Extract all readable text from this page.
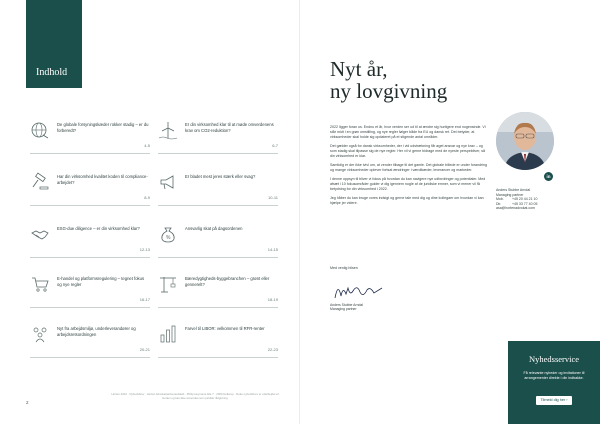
Indhold
De globale forsyningskæder rokker stadig – er du forberedt?
4-5
Har din virksomhed kvalitet koden til compliance-arbejdet?
8-9
ESG-due diligence – er din virksomhed klar?
12-13
E-handel og platformsregulering – tegnet fokus og nye regler
16-17
Nyt fra arbejdsmiljø, underleverandører og arbejdsretsordningen
20-21
Er din virksomhed klar til at møde omverdenens krav om CO2-reduktion?
6-7
Er bladet mest jeres stærk eller svag?
10-11
%
Ansvarlig skat på dagsordenen
14-15
Bæredygtigheds-byggebranchen – grønt eller gennerelt?
18-19
Farvel til LIBOR: velkommen til RFR-renter
22-23
2
Horten 2022 · Nyhedsbrev · Horten Advokatpartnerselskab · Philip Heymans Allé 7 · 2900 Hellerup · Dette nyhedsbrev er udarbejdet af Horten og kan ikke anvendes som juridisk rådgivning
Nyt år,
ny lovgivning

2022 ligger foran os. Endnu et år, hvor verden ser ud til at ændre sig hurtigere end nogensinde. Vi står midt i en grøn omstilling, og nye regler følger både fra EU og dansk ret. Det betyder, at virksomheder skal holde sig opdateret på et stigende antal områder.

Det gælder også for dansk virksomheder, der i vid udstrækning får øget ansvar og nye krav – og som stadig skal tilpasse sig de nye regler. Her vil vi gerne bidrage med de nyeste perspektiver, så din virksomhed er klar.

Samtidig er der ikke tvivl om, at vender tilbage til det gamle. Det globale billede er under forandring og mange virksomheder oplever fortsat ændringer i værdikæder, leverancer og markeder.

I denne oppsyn til bliver vi fokus på hvordan du kan navigere nye udfordringer og potentialer. Med afsæt i 10 fokusområder guider vi dig igennem nogle af de juridiske emner, som vi mener vil få betydning for din virksomhed i 2022.

Jeg håber du kan bruge vores indsigt og gerne tale med dig og dine kollegaer om hvordan vi kan hjælpe jer videre.

Med venlig hilsen
Anders Stubbe Arndal
Managing partner
in
Anders Stubbe Arndal
Managing partner
Mob. +45 20 44 21 10
Dir.	+45 33 77 40 05
asa@hortenadvokat.com
Nyhedsservice
Få relevante nyheder og invitationer til arrangementer direkte i din indbakke.
Tilmeld dig her ›
